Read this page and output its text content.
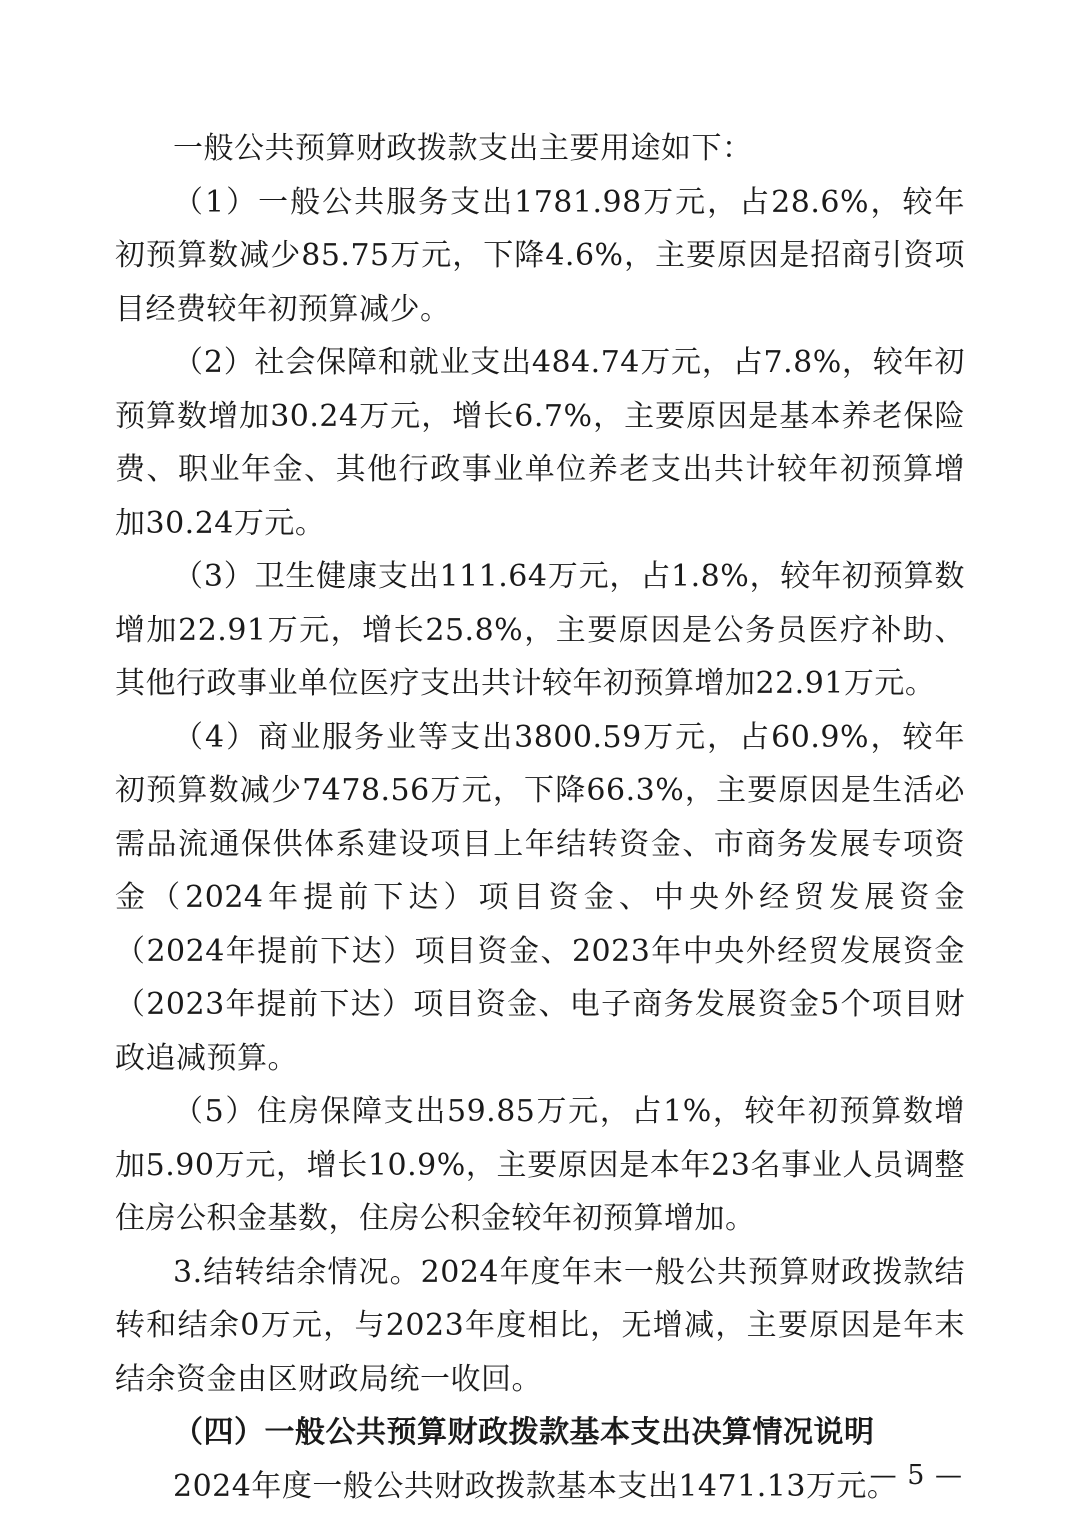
一般公共预算财政拨款支出主要用途如下：

（1）一般公共服务支出1781.98万元，占28.6%，较年初预算数减少85.75万元，下降4.6%，主要原因是招商引资项目经费较年初预算减少。

（2）社会保障和就业支出484.74万元，占7.8%，较年初预算数增加30.24万元，增长6.7%，主要原因是基本养老保险费、职业年金、其他行政事业单位养老支出共计较年初预算增加30.24万元。

（3）卫生健康支出111.64万元，占1.8%，较年初预算数增加22.91万元，增长25.8%，主要原因是公务员医疗补助、其他行政事业单位医疗支出共计较年初预算增加22.91万元。

（4）商业服务业等支出3800.59万元，占60.9%，较年初预算数减少7478.56万元，下降66.3%，主要原因是生活必需品流通保供体系建设项目上年结转资金、市商务发展专项资金（2024年提前下达）项目资金、中央外经贸发展资金（2024年提前下达）项目资金、2023年中央外经贸发展资金（2023年提前下达）项目资金、电子商务发展资金5个项目财政追减预算。

（5）住房保障支出59.85万元，占1%，较年初预算数增加5.90万元，增长10.9%，主要原因是本年23名事业人员调整住房公积金基数，住房公积金较年初预算增加。

3.结转结余情况。2024年度年末一般公共预算财政拨款结转和结余0万元，与2023年度相比，无增减，主要原因是年末结余资金由区财政局统一收回。

（四）一般公共预算财政拨款基本支出决算情况说明

2024年度一般公共财政拨款基本支出1471.13万元。

— 5 —
